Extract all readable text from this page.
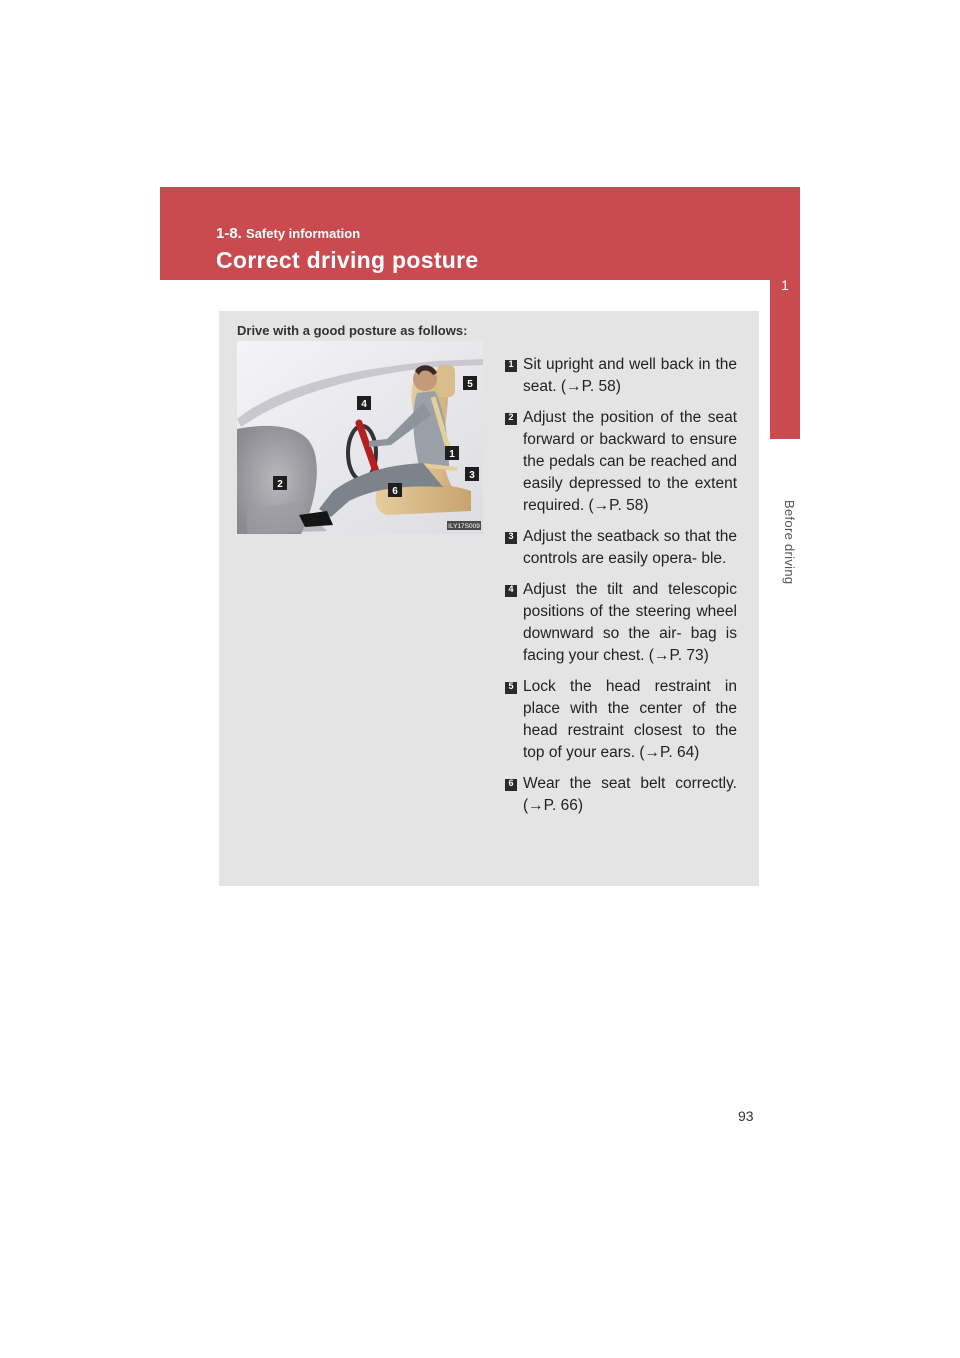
1-8. Safety information
Correct driving posture
1
Before driving
Drive with a good posture as follows:
ILY17S009
1
2
3
4
5
6
1 Sit upright and well back in the seat. (→P. 58)
2 Adjust the position of the seat forward or backward to ensure the pedals can be reached and easily depressed to the extent required. (→P. 58)
3 Adjust the seatback so that the controls are easily opera- ble.
4 Adjust the tilt and telescopic positions of the steering wheel downward so the air- bag is facing your chest. (→P. 73)
5 Lock the head restraint in place with the center of the head restraint closest to the top of your ears. (→P. 64)
6 Wear the seat belt correctly. (→P. 66)
93
